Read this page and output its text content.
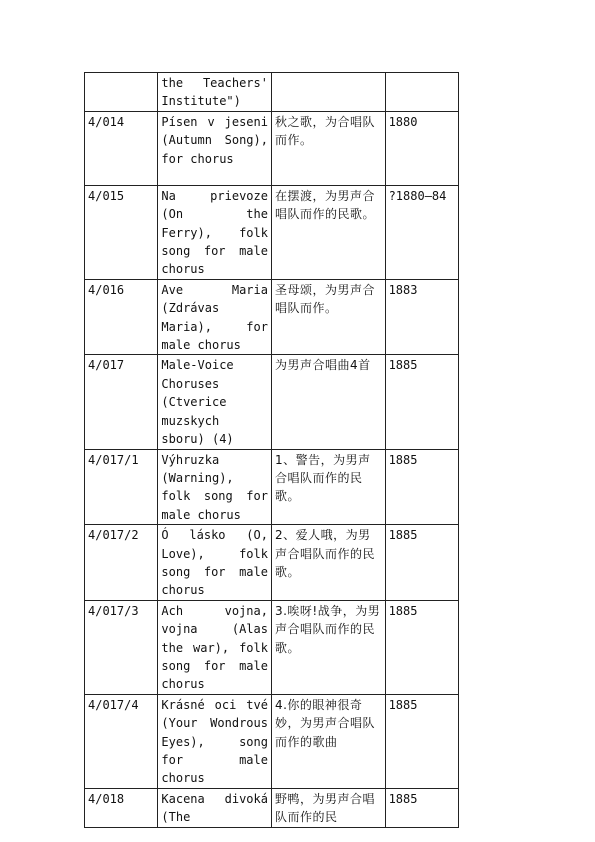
	the Teachers' Institute")		
4/014	Písen v jeseni (Autumn Song), for chorus	秋之歌，为合唱队而作。	1880
4/015	Na prievoze (On the Ferry), folk song for male chorus	在摆渡，为男声合唱队而作的民歌。	?1880–84
4/016	Ave Maria (Zdrávas Maria), for male chorus	圣母颂，为男声合唱队而作。	1883
4/017	Male-Voice Choruses (Ctverice muzskych sboru) (4)	为男声合唱曲4首	1885
4/017/1	Výhruzka (Warning), folk song for male chorus	1、警告，为男声合唱队而作的民歌。	1885
4/017/2	Ó lásko (O, Love), folk song for male chorus	2、爱人哦，为男声合唱队而作的民歌。	1885
4/017/3	Ach vojna, vojna (Alas the war), folk song for male chorus	3.唉呀!战争，为男声合唱队而作的民歌。	1885
4/017/4	Krásné oci tvé (Your Wondrous Eyes), song for male chorus	4.你的眼神很奇妙，为男声合唱队而作的歌曲	1885
4/018	Kacena divoká (The	野鸭，为男声合唱队而作的民	1885
